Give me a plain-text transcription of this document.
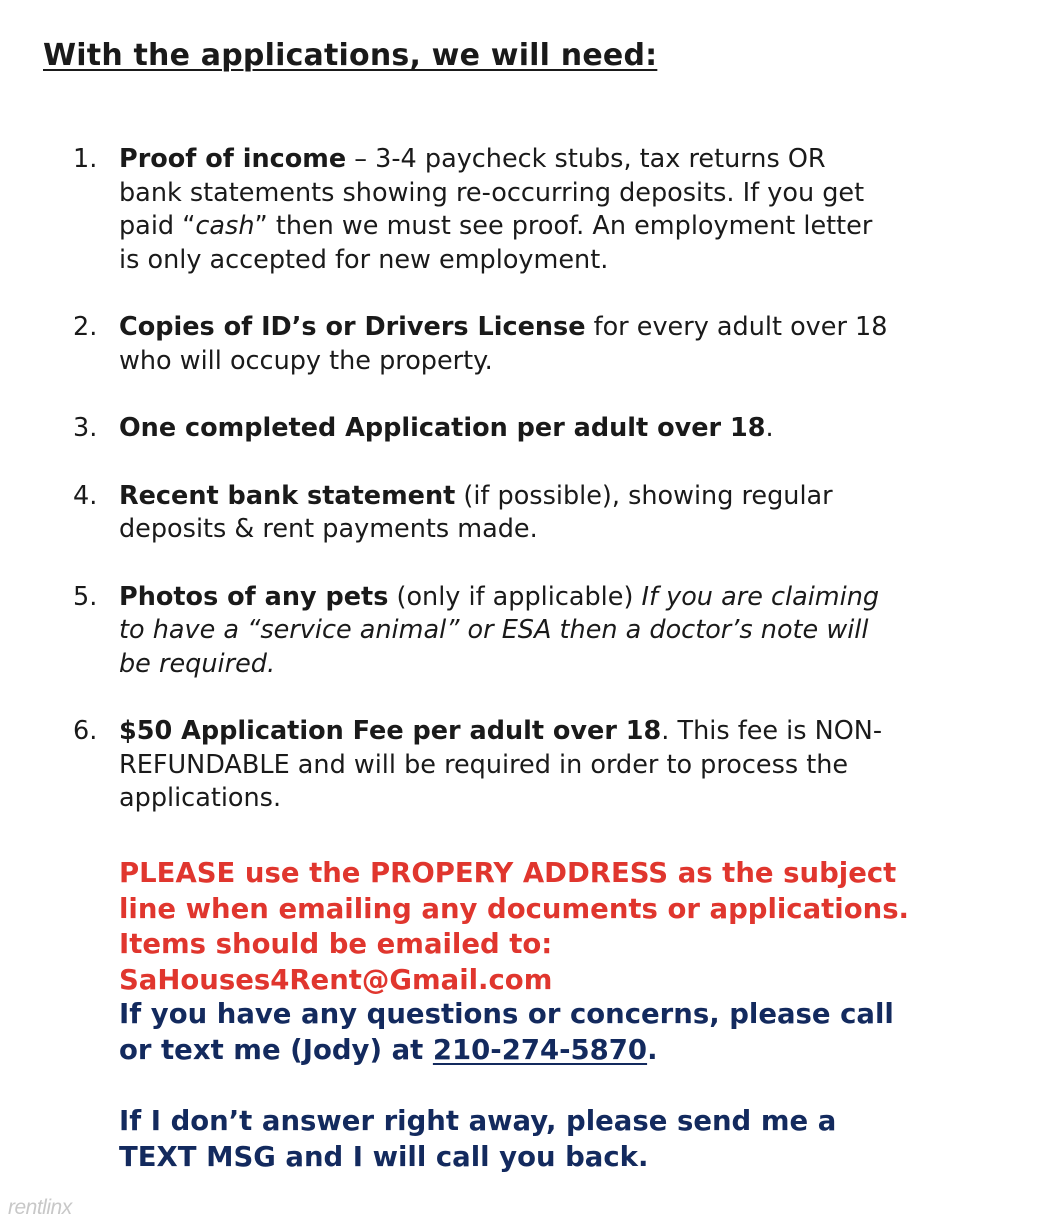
With the applications, we will need:
1. Proof of income – 3-4 paycheck stubs, tax returns OR bank statements showing re-occurring deposits. If you get paid “cash” then we must see proof. An employment letter is only accepted for new employment.
2. Copies of ID’s or Drivers License for every adult over 18 who will occupy the property.
3. One completed Application per adult over 18.
4. Recent bank statement (if possible), showing regular deposits & rent payments made.
5. Photos of any pets (only if applicable) If you are claiming to have a “service animal” or ESA then a doctor’s note will be required.
6. $50 Application Fee per adult over 18. This fee is NON-REFUNDABLE and will be required in order to process the applications.
PLEASE use the PROPERY ADDRESS as the subject line when emailing any documents or applications. Items should be emailed to: SaHouses4Rent@Gmail.com
If you have any questions or concerns, please call or text me (Jody) at 210-274-5870.
If I don’t answer right away, please send me a TEXT MSG and I will call you back.
rentlinx
